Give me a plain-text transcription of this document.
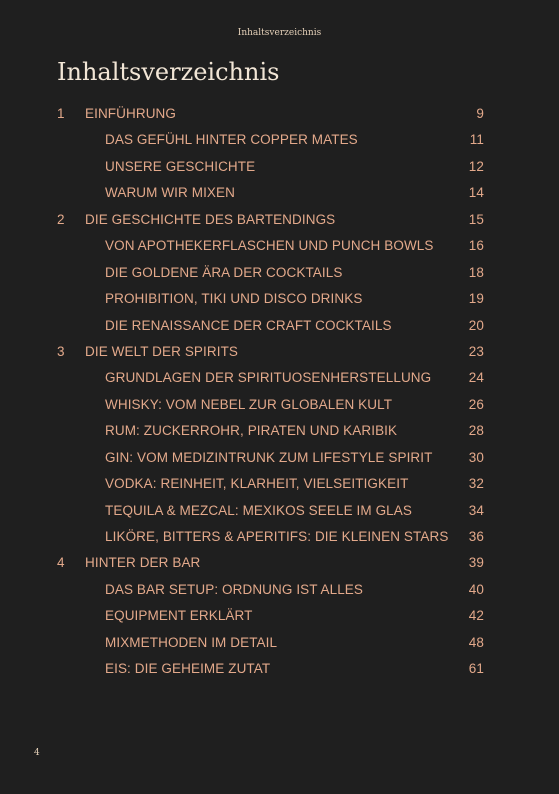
Inhaltsverzeichnis
Inhaltsverzeichnis
1 EINFÜHRUNG	9
DAS GEFÜHL HINTER COPPER MATES	11
UNSERE GESCHICHTE	12
WARUM WIR MIXEN	14
2 DIE GESCHICHTE DES BARTENDINGS	15
VON APOTHEKERFLASCHEN UND PUNCH BOWLS	16
DIE GOLDENE ÄRA DER COCKTAILS	18
PROHIBITION, TIKI UND DISCO DRINKS	19
DIE RENAISSANCE DER CRAFT COCKTAILS	20
3 DIE WELT DER SPIRITS	23
GRUNDLAGEN DER SPIRITUOSENHERSTELLUNG	24
WHISKY: VOM NEBEL ZUR GLOBALEN KULT	26
RUM: ZUCKERROHR, PIRATEN UND KARIBIK	28
GIN: VOM MEDIZINTRUNK ZUM LIFESTYLE SPIRIT	30
VODKA: REINHEIT, KLARHEIT, VIELSEITIGKEIT	32
TEQUILA & MEZCAL: MEXIKOS SEELE IM GLAS	34
LIKÖRE, BITTERS & APERITIFS: DIE KLEINEN STARS 36
4 HINTER DER BAR	39
DAS BAR SETUP: ORDNUNG IST ALLES	40
EQUIPMENT ERKLÄRT	42
MIXMETHODEN IM DETAIL	48
EIS: DIE GEHEIME ZUTAT	61
4
